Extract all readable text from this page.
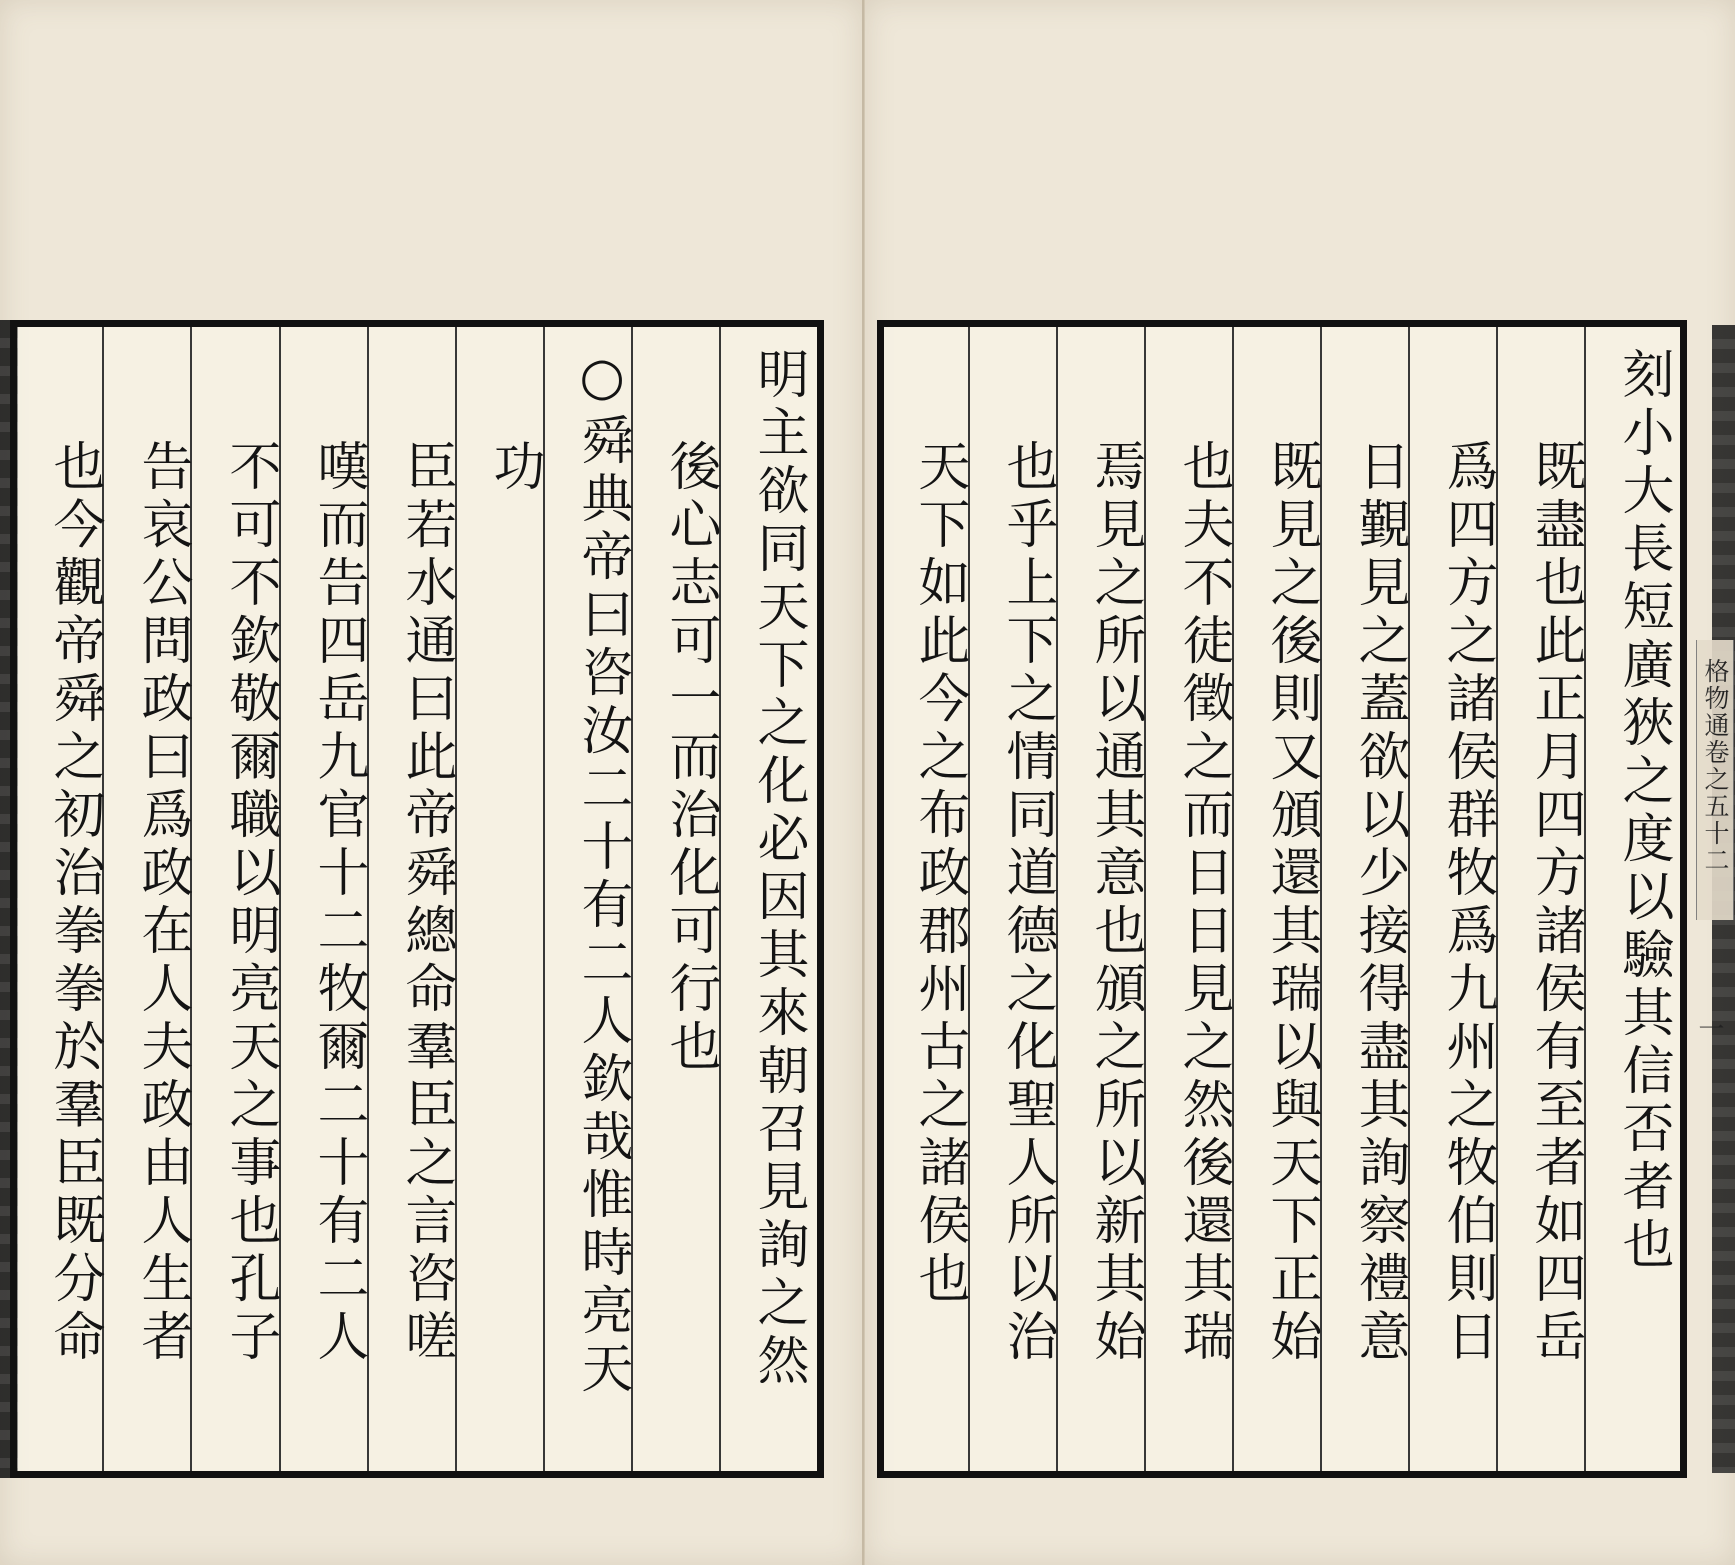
明主欲同天下之化必因其來朝召見詢之然
後心志可一而治化可行也
○舜典帝曰咨汝二十有二人欽哉惟時亮天
功
臣若水通曰此帝舜總命羣臣之言咨嗟
嘆而告四岳九官十二牧爾二十有二人
不可不欽敬爾職以明亮天之事也孔子
告哀公問政曰爲政在人夫政由人生者
也今觀帝舜之初治拳拳於羣臣既分命	格物通卷之五十二
一
刻小大長短廣狹之度以驗其信否者也
既盡也此正月四方諸侯有至者如四岳
爲四方之諸侯群牧爲九州之牧伯則日
日覲見之蓋欲以少接得盡其詢察禮意
既見之後則又頒還其瑞以與天下正始
也夫不徒徵之而日日見之然後還其瑞
焉見之所以通其意也頒之所以新其始
也乎上下之情同道德之化聖人所以治
天下如此今之布政郡州古之諸侯也
